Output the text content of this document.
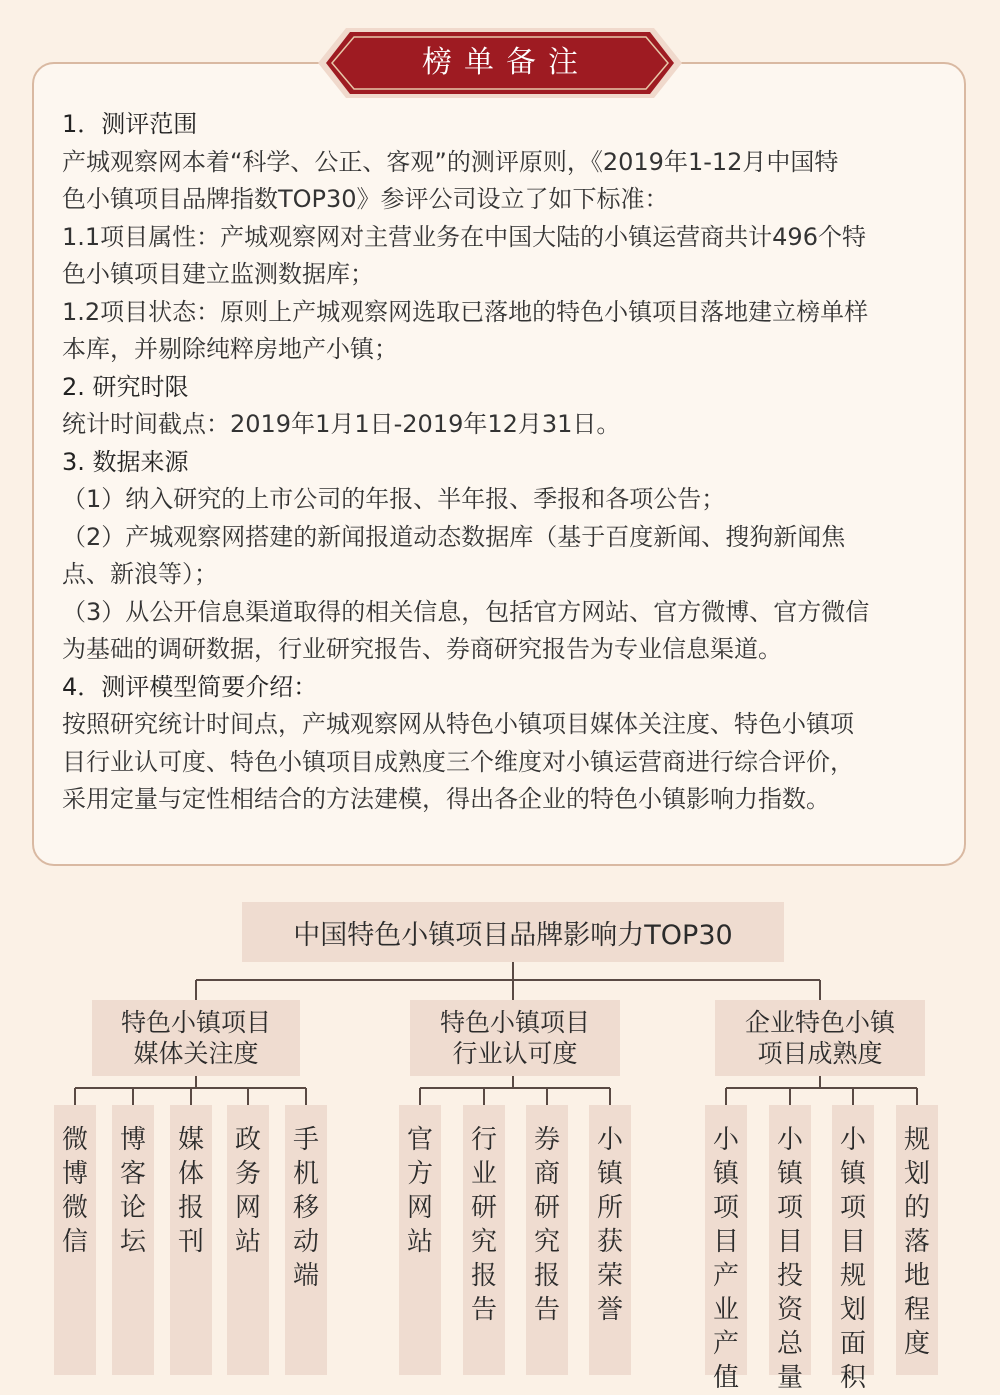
榜单备注
1．测评范围
产城观察网本着“科学、公正、客观”的测评原则，《2019年1-12月中国特
色小镇项目品牌指数TOP30》参评公司设立了如下标准：
1.1项目属性：产城观察网对主营业务在中国大陆的小镇运营商共计496个特
色小镇项目建立监测数据库；
1.2项目状态：原则上产城观察网选取已落地的特色小镇项目落地建立榜单样
本库，并剔除纯粹房地产小镇；
2. 研究时限
统计时间截点：2019年1月1日-2019年12月31日。
3. 数据来源
（1）纳入研究的上市公司的年报、半年报、季报和各项公告；
（2）产城观察网搭建的新闻报道动态数据库（基于百度新闻、搜狗新闻焦
点、新浪等）；
（3）从公开信息渠道取得的相关信息，包括官方网站、官方微博、官方微信
为基础的调研数据，行业研究报告、券商研究报告为专业信息渠道。
4．测评模型简要介绍：
按照研究统计时间点，产城观察网从特色小镇项目媒体关注度、特色小镇项
目行业认可度、特色小镇项目成熟度三个维度对小镇运营商进行综合评价，
采用定量与定性相结合的方法建模，得出各企业的特色小镇影响力指数。
中国特色小镇项目品牌影响力TOP30
特色小镇项目
媒体关注度
特色小镇项目
行业认可度
企业特色小镇
项目成熟度
微博微信
博客论坛
媒体报刊
政务网站
手机移动端
官方网站
行业研究报告
券商研究报告
小镇所获荣誉
小镇项目产业产值
小镇项目投资总量
小镇项目规划面积
规划的落地程度
